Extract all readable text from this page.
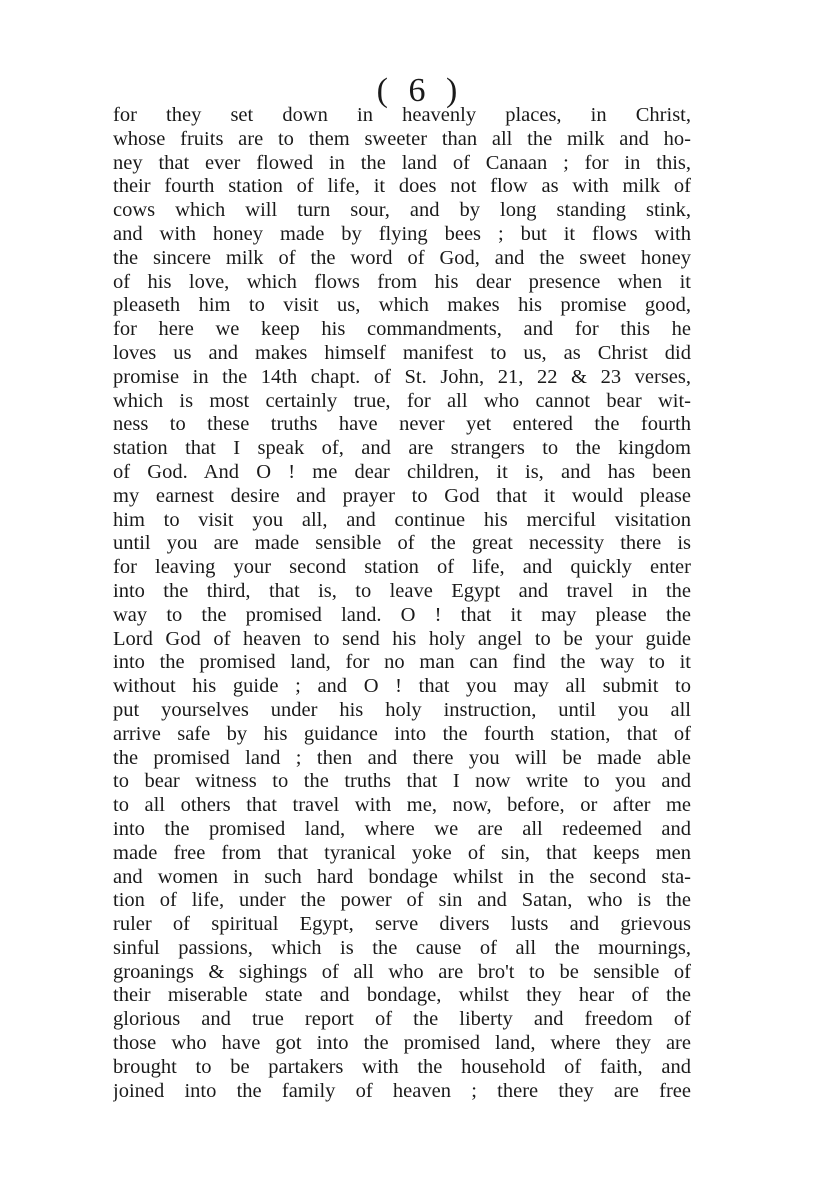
( 6 )
for they set down in heavenly places, in Christ,
whose fruits are to them sweeter than all the milk and ho-
ney that ever flowed in the land of Canaan ; for in this,
their fourth station of life, it does not flow as with milk of
cows which will turn sour, and by long standing stink,
and with honey made by flying bees ; but it flows with
the sincere milk of the word of God, and the sweet honey
of his love, which flows from his dear presence when it
pleaseth him to visit us, which makes his promise good,
for here we keep his commandments, and for this he
loves us and makes himself manifest to us, as Christ did
promise in the 14th chapt. of St. John, 21, 22 & 23 verses,
which is most certainly true, for all who cannot bear wit-
ness to these truths have never yet entered the fourth
station that I speak of, and are strangers to the kingdom
of God. And O ! me dear children, it is, and has been
my earnest desire and prayer to God that it would please
him to visit you all, and continue his merciful visitation
until you are made sensible of the great necessity there is
for leaving your second station of life, and quickly enter
into the third, that is, to leave Egypt and travel in the
way to the promised land. O ! that it may please the
Lord God of heaven to send his holy angel to be your guide
into the promised land, for no man can find the way to it
without his guide ; and O ! that you may all submit to
put yourselves under his holy instruction, until you all
arrive safe by his guidance into the fourth station, that of
the promised land ; then and there you will be made able
to bear witness to the truths that I now write to you and
to all others that travel with me, now, before, or after me
into the promised land, where we are all redeemed and
made free from that tyranical yoke of sin, that keeps men
and women in such hard bondage whilst in the second sta-
tion of life, under the power of sin and Satan, who is the
ruler of spiritual Egypt, serve divers lusts and grievous
sinful passions, which is the cause of all the mournings,
groanings & sighings of all who are bro't to be sensible of
their miserable state and bondage, whilst they hear of the
glorious and true report of the liberty and freedom of
those who have got into the promised land, where they are
brought to be partakers with the household of faith, and
joined into the family of heaven ; there they are free
